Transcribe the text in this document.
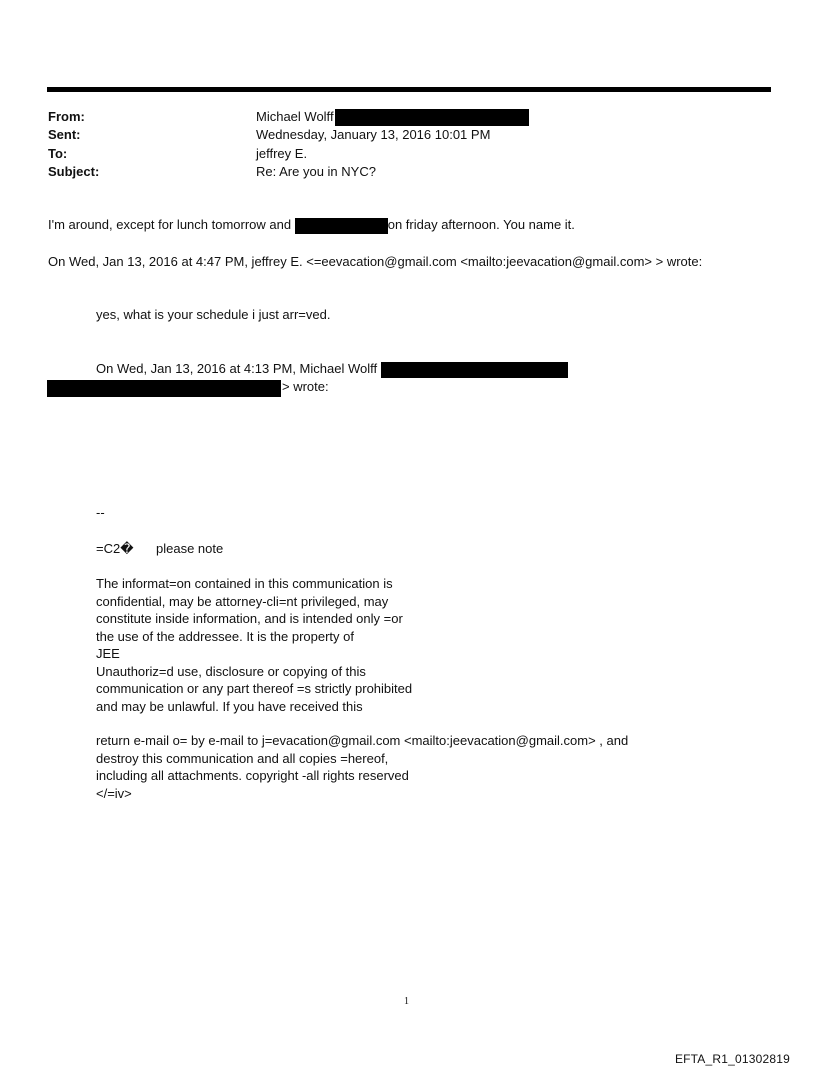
From:	Michael Wolff
Sent:	Wednesday, January 13, 2016 10:01 PM
To:	jeffrey E.
Subject:	Re: Are you in NYC?
I'm around, except for lunch tomorrow and	on friday afternoon. You name it.
On Wed, Jan 13, 2016 at 4:47 PM, jeffrey E. <=eevacation@gmail.com <mailto:jeevacation@gmail.com> > wrote:
yes, what is your schedule i just arr=ved.
On Wed, Jan 13, 2016 at 4:13 PM, Michael Wolff
> wrote:
--
=C2� please note
The informat=on contained in this communication is
confidential, may be attorney-cli=nt privileged, may
constitute inside information, and is intended only =or
the use of the addressee. It is the property of
JEE
Unauthoriz=d use, disclosure or copying of this
communication or any part thereof =s strictly prohibited
and may be unlawful. If you have received this
return e-mail o= by e-mail to j=evacation@gmail.com <mailto:jeevacation@gmail.com> , and
destroy this communication and all copies =hereof,
including all attachments. copyright -all rights reserved
</=iv>
1
EFTA_R1_01302819
